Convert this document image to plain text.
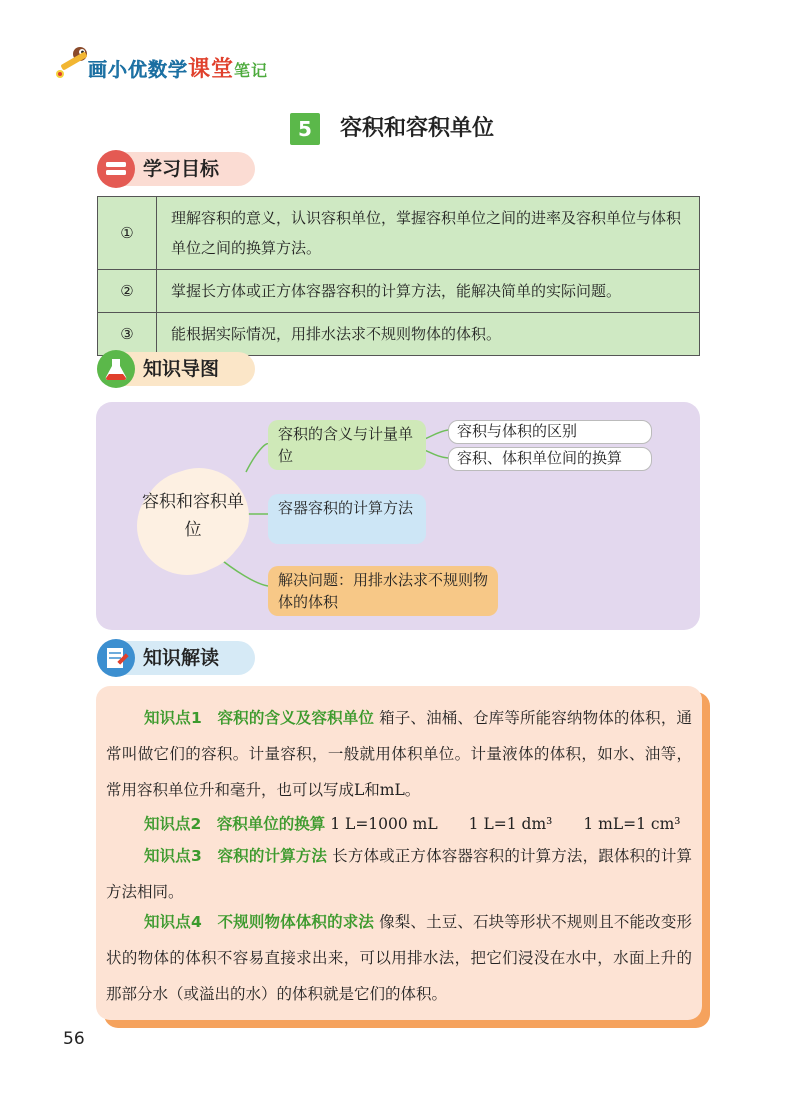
画小优数学课堂笔记
5	容积和容积单位
学习目标
①	理解容积的意义，认识容积单位，掌握容积单位之间的进率及容积单位与体积单位之间的换算方法。
②	掌握长方体或正方体容器容积的计算方法，能解决简单的实际问题。
③	能根据实际情况，用排水法求不规则物体的体积。
知识导图
容积和容积单位
容积的含义与计量单位
容积与体积的区别
容积、体积单位间的换算
容器容积的计算方法
解决问题：用排水法求不规则物体的体积
知识解读
知识点1　容积的含义及容积单位 箱子、油桶、仓库等所能容纳物体的体积，通常叫做它们的容积。计量容积，一般就用体积单位。计量液体的体积，如水、油等，常用容积单位升和毫升，也可以写成L和mL。
知识点2　容积单位的换算 1 L=1000 mL　　1 L=1 dm³　　1 mL=1 cm³
知识点3　容积的计算方法 长方体或正方体容器容积的计算方法，跟体积的计算方法相同。
知识点4　不规则物体体积的求法 像梨、土豆、石块等形状不规则且不能改变形状的物体的体积不容易直接求出来，可以用排水法，把它们浸没在水中，水面上升的那部分水（或溢出的水）的体积就是它们的体积。
56
